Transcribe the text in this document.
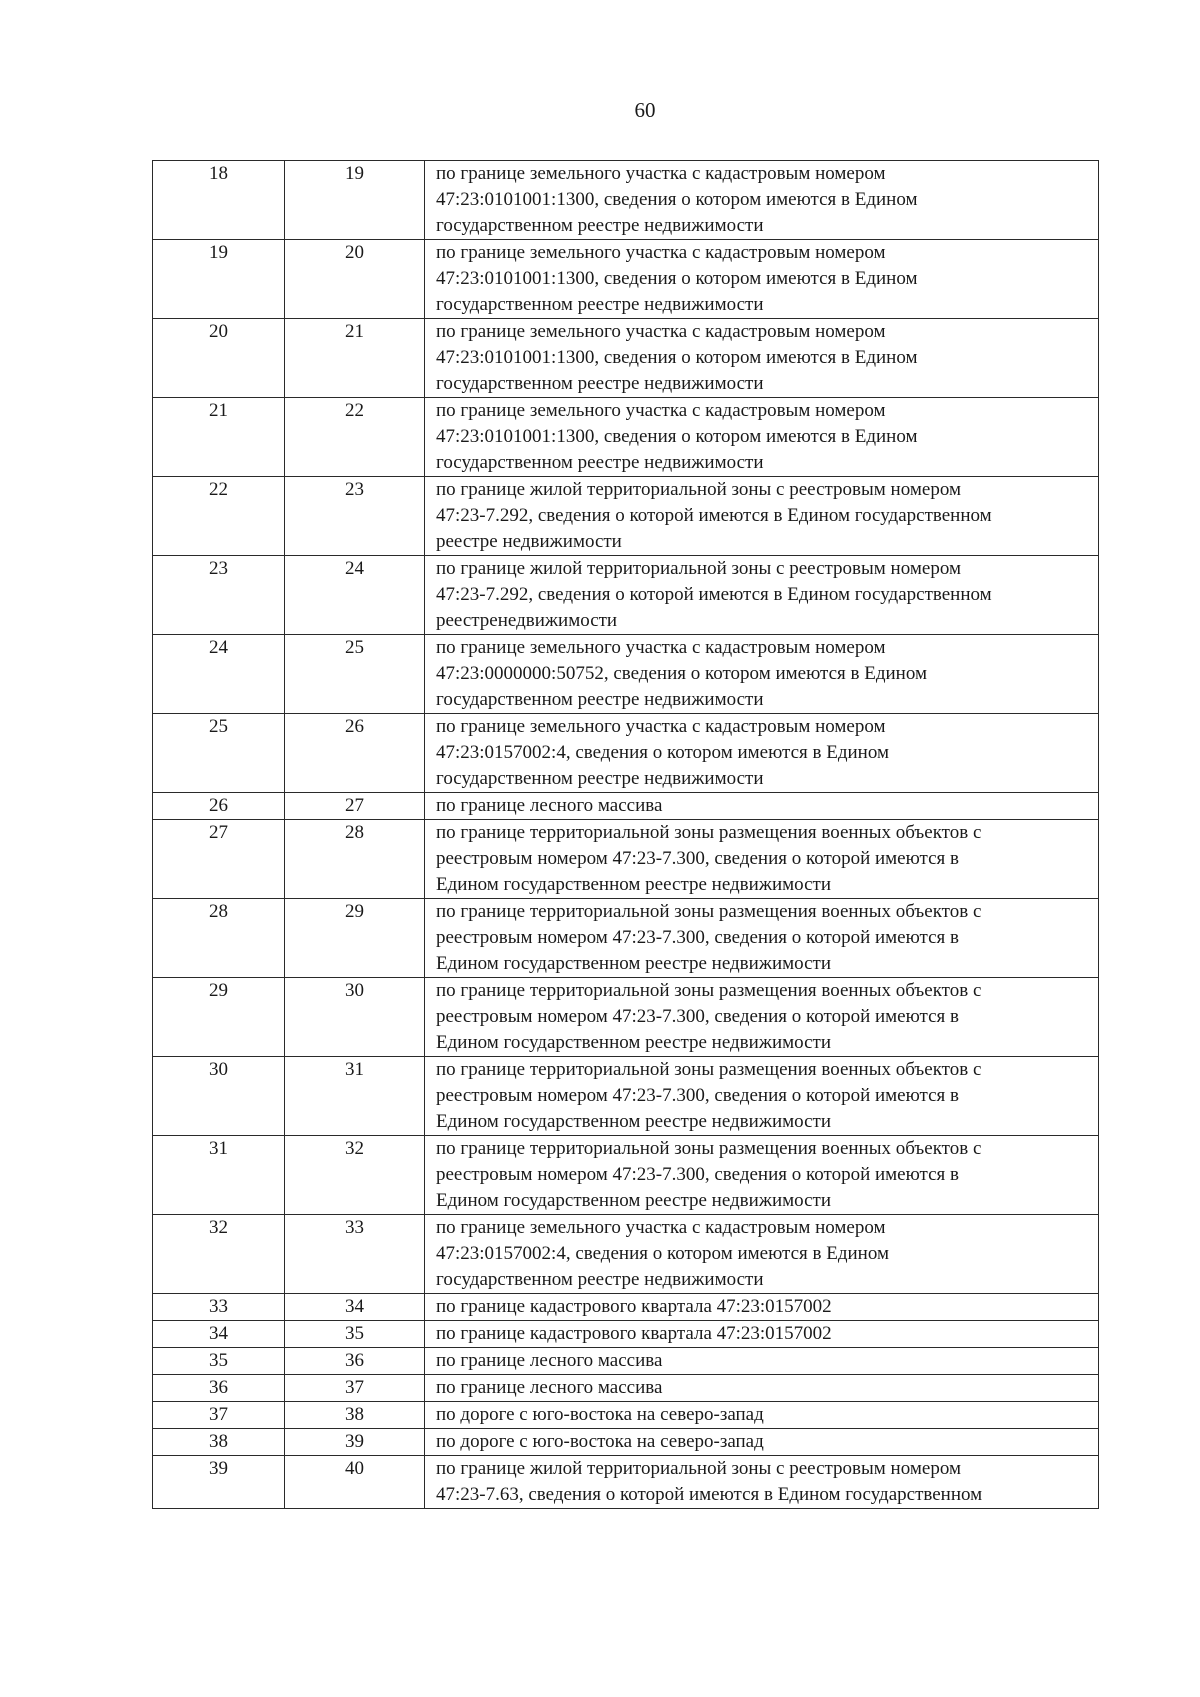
60
18	19	по границе земельного участка с кадастровым номером
47:23:0101001:1300, сведения о котором имеются в Едином
государственном реестре недвижимости
19	20	по границе земельного участка с кадастровым номером
47:23:0101001:1300, сведения о котором имеются в Едином
государственном реестре недвижимости
20	21	по границе земельного участка с кадастровым номером
47:23:0101001:1300, сведения о котором имеются в Едином
государственном реестре недвижимости
21	22	по границе земельного участка с кадастровым номером
47:23:0101001:1300, сведения о котором имеются в Едином
государственном реестре недвижимости
22	23	по границе жилой территориальной зоны с реестровым номером
47:23-7.292, сведения о которой имеются в Едином государственном
реестре недвижимости
23	24	по границе жилой территориальной зоны с реестровым номером
47:23-7.292, сведения о которой имеются в Едином государственном
реестренедвижимости
24	25	по границе земельного участка с кадастровым номером
47:23:0000000:50752, сведения о котором имеются в Едином
государственном реестре недвижимости
25	26	по границе земельного участка с кадастровым номером
47:23:0157002:4, сведения о котором имеются в Едином
государственном реестре недвижимости
26	27	по границе лесного массива
27	28	по границе территориальной зоны размещения военных объектов с
реестровым номером 47:23-7.300, сведения о которой имеются в
Едином государственном реестре недвижимости
28	29	по границе территориальной зоны размещения военных объектов с
реестровым номером 47:23-7.300, сведения о которой имеются в
Едином государственном реестре недвижимости
29	30	по границе территориальной зоны размещения военных объектов с
реестровым номером 47:23-7.300, сведения о которой имеются в
Едином государственном реестре недвижимости
30	31	по границе территориальной зоны размещения военных объектов с
реестровым номером 47:23-7.300, сведения о которой имеются в
Едином государственном реестре недвижимости
31	32	по границе территориальной зоны размещения военных объектов с
реестровым номером 47:23-7.300, сведения о которой имеются в
Едином государственном реестре недвижимости
32	33	по границе земельного участка с кадастровым номером
47:23:0157002:4, сведения о котором имеются в Едином
государственном реестре недвижимости
33	34	по границе кадастрового квартала 47:23:0157002
34	35	по границе кадастрового квартала 47:23:0157002
35	36	по границе лесного массива
36	37	по границе лесного массива
37	38	по дороге с юго-востока на северо-запад
38	39	по дороге с юго-востока на северо-запад
39	40	по границе жилой территориальной зоны с реестровым номером
47:23-7.63, сведения о которой имеются в Едином государственном
